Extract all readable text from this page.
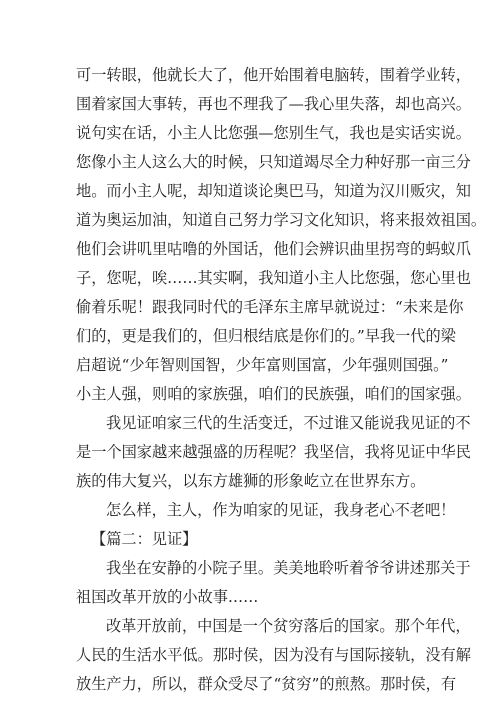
可一转眼，他就长大了，他开始围着电脑转，围着学业转，
围着家国大事转，再也不理我了—我心里失落，却也高兴。
说句实在话，小主人比您强—您别生气，我也是实话实说。
您像小主人这么大的时候，只知道竭尽全力种好那一亩三分
地。而小主人呢，却知道谈论奥巴马，知道为汉川贩灾，知
道为奥运加油，知道自己努力学习文化知识，将来报效祖国。
他们会讲叽里咕噜的外国话，他们会辨识曲里拐弯的蚂蚁爪
子，您呢，唉……其实啊，我知道小主人比您强，您心里也
偷着乐呢！跟我同时代的毛泽东主席早就说过：“未来是你
们的，更是我们的，但归根结底是你们的。”早我一代的梁
启超说“少年智则国智，少年富则国富，少年强则国强。”
小主人强，则咱的家族强，咱们的民族强，咱们的国家强。
我见证咱家三代的生活变迁，不过谁又能说我见证的不
是一个国家越来越强盛的历程呢？我坚信，我将见证中华民
族的伟大复兴，以东方雄狮的形象屹立在世界东方。
怎么样，主人，作为咱家的见证，我身老心不老吧！
【篇二：见证】
我坐在安静的小院子里。美美地聆听着爷爷讲述那关于
祖国改革开放的小故事……
改革开放前，中国是一个贫穷落后的国家。那个年代，
人民的生活水平低。那时侯，因为没有与国际接轨，没有解
放生产力，所以，群众受尽了“贫穷”的煎熬。那时侯，有
